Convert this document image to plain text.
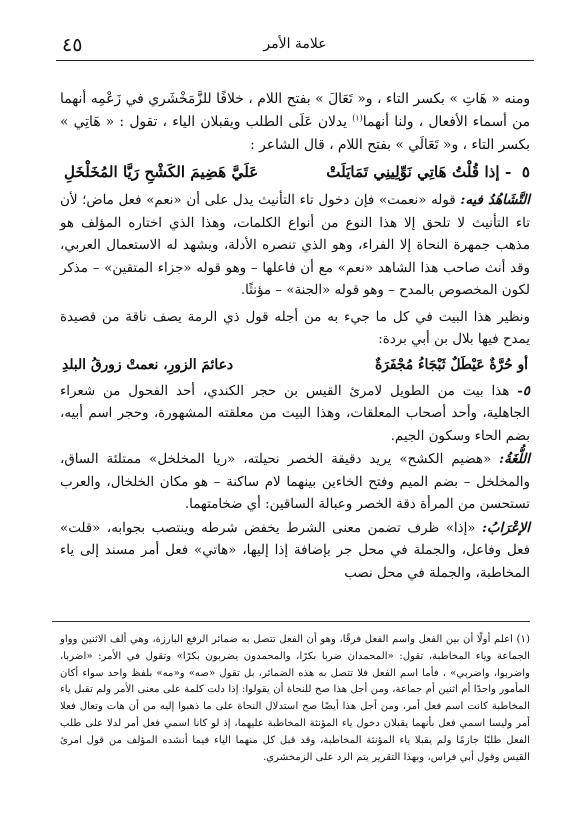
٤٥	علامة الأمر

ومنه « هَاتِ » بكسر التاء ، و« تَعَالَ » بفتح اللام ، خلافًا للزَّمَخْشَري في زَعْمِه أنهما من أسماء الأفعال ، ولنا أنهما$^{(١)}$ يدلان عَلَى الطلب ويقبلان الياء ، تقول : « هَاتِي » بكسر التاء ، و« تَعَالَي » بفتح اللام ، قال الشاعر :

٥  - إذا قُلْتُ هَاتِي نَوِّلِينِي تَمَايَلَتْ
عَلَيَّ هَضِيمَ الكَشْحِ رَيَّا المُخَلْخَلِ

التَّشَاهُدُ فيه: قوله «نعمت» فإن دخول تاء التأنيث يدل على أن «نعم» فعل ماض؛ لأن تاء التأنيث لا تلحق إلا هذا النوع من أنواع الكلمات، وهذا الذي اختاره المؤلف هو مذهب جمهرة النحاة إلا الفراء، وهو الذي تنصره الأدلة، ويشهد له الاستعمال العربي، وقد أنث صاحب هذا الشاهد «نعم» مع أن فاعلها – وهو قوله «جزاء المتقين» – مذكر لكون المخصوص بالمدح – وهو قوله «الجنة» – مؤنثًا.

ونظير هذا البيت في كل ما جيء به من أجله قول ذي الرمة يصف ناقة من قصيدة يمدح فيها بلال بن أبي بردة:

أو حُرَّةٌ عَيْطَلٌ ثَبْجَاءُ مُجْفَرَةٌ
دعائمَ الزورِ، نعمتْ زورقُ البلدِ

٥- هذا بيت من الطويل لامرئ القيس بن حجر الكندي، أحد الفحول من شعراء الجاهلية، وأحد أصحاب المعلقات، وهذا البيت من معلقته المشهورة، وحجر اسم أبيه، بضم الحاء وسكون الجيم.

اللُّغَةُ: «هضيم الكشح» يريد دقيقة الخصر نحيلته، «ريا المخلخل» ممتلئة الساق، والمخلخل – بضم الميم وفتح الخاءين بينهما لام ساكنة – هو مكان الخلخال، والعرب تستحسن من المرأة دقة الخصر وعبالة الساقين: أي ضخامتهما.

الإعْرَابُ: «إذا» ظرف تضمن معنى الشرط يخفض شرطه وينتصب بجوابه، «قلت» فعل وفاعل، والجملة في محل جر بإضافة إذا إليها، «هاتي» فعل أمر مسند إلى ياء المخاطبة، والجملة في محل نصب

(١) اعلم أولًا أن بين الفعل واسم الفعل فرقًا، وهو أن الفعل تتصل به ضمائر الرفع البارزة، وهي ألف الاثنين وواو الجماعة وياء المخاطبة، تقول: «المحمدان ضربا بكرًا، والمحمدون يضربون بكرًا» وتقول في الأمر: «اضربا، واضربوا، واضربي» ، فأما اسم الفعل فلا تتصل به هذه الضمائر، بل تقول «صه» و«مه» بلفظ واحد سواء أكان المأمور واحدًا أم اثنين أم جماعة، ومن أجل هذا صح للنحاة أن يقولوا: إذا دلت كلمة على معنى الأمر ولم تقبل ياء المخاطبة كانت اسم فعل أمر، ومن أجل هذا أيضًا صح استدلال النحاة على ما ذهبوا إليه من أن هات وتعال فعلا أمر وليسا اسمي فعل بأنهما يقبلان دخول ياء المؤنثة المخاطبة عليهما، إذ لو كانا اسمي فعل أمر لدلا على طلب الفعل طلبًا جازمًا ولم يقبلا ياء المؤنثة المخاطبة، وقد قبل كل منهما الياء فيما أنشده المؤلف من قول امرئ القيس وقول أبي فراس، وبهذا التقرير يتم الرد على الزمخشري.
